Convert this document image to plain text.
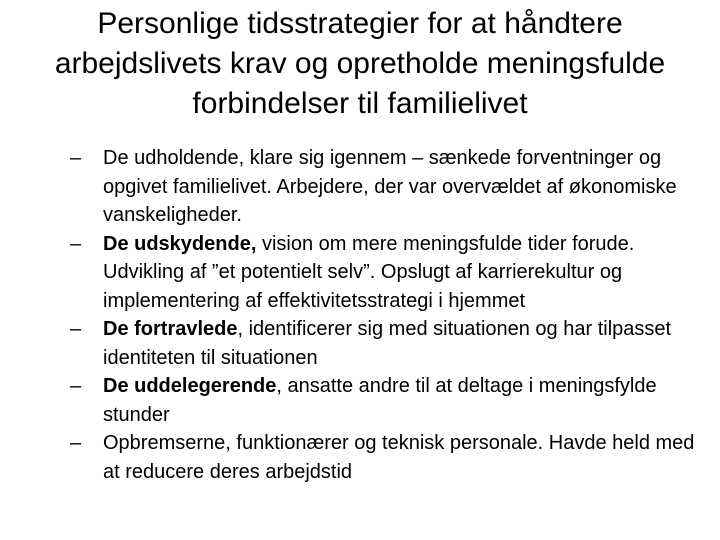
Personlige tidsstrategier for at håndtere arbejdslivets krav og opretholde meningsfulde forbindelser til familielivet
– De udholdende, klare sig igennem – sænkede forventninger og opgivet familielivet. Arbejdere, der var overvældet af økonomiske vanskeligheder.
– De udskydende, vision om mere meningsfulde tider forude. Udvikling af ”et potentielt selv”. Opslugt af karrierekultur og implementering af effektivitetsstrategi i hjemmet
– De fortravlede, identificerer sig med situationen og har tilpasset identiteten til situationen
– De uddelegerende, ansatte andre til at deltage i meningsfylde stunder
– Opbremserne, funktionærer og teknisk personale. Havde held med at reducere deres arbejdstid
